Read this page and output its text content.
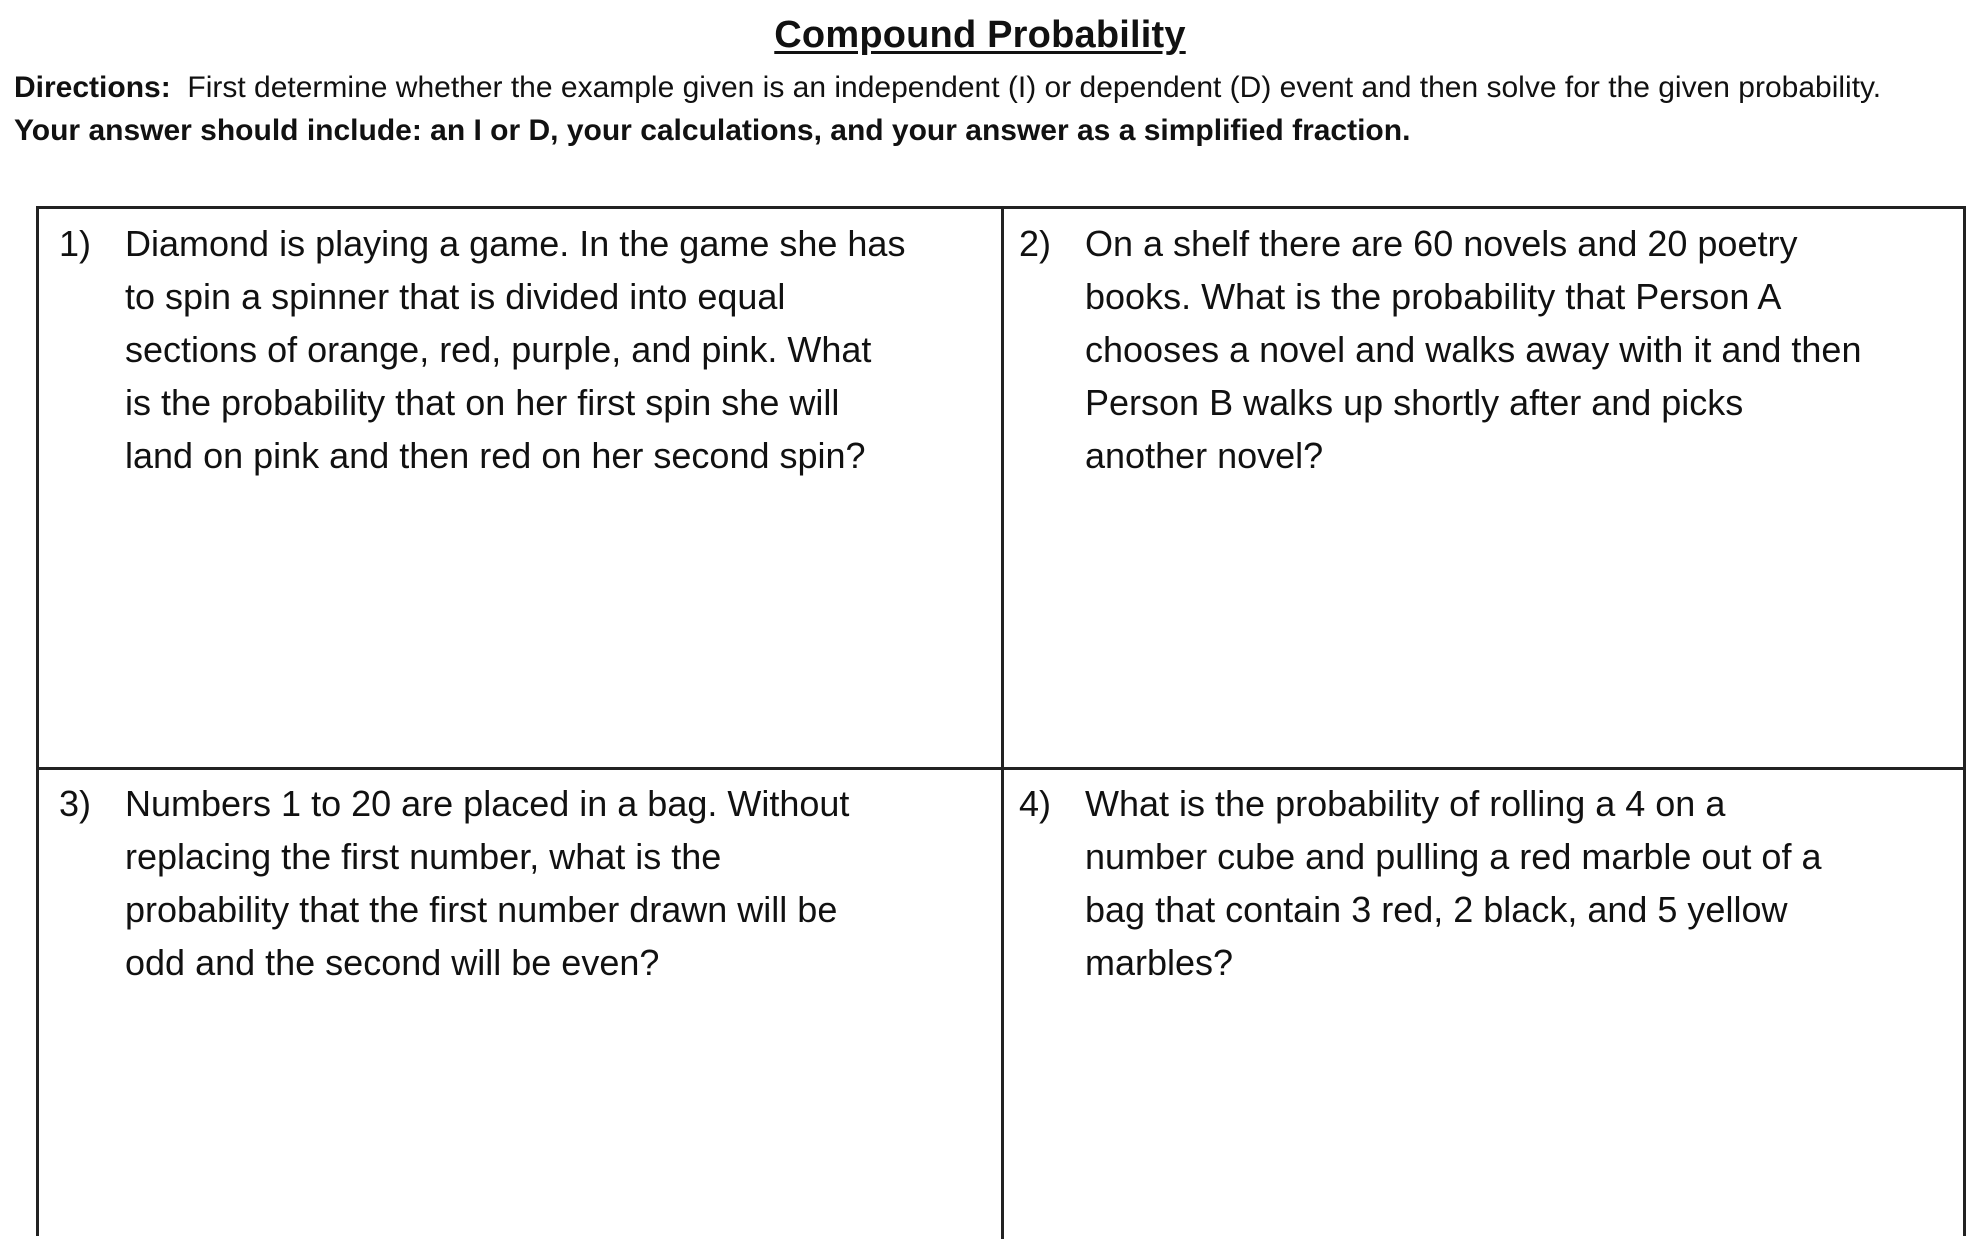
Compound Probability
Directions: First determine whether the example given is an independent (I) or dependent (D) event and then solve for the given probability.  Your answer should include: an I or D, your calculations, and your answer as a simplified fraction.
1) Diamond is playing a game. In the game she has
to spin a spinner that is divided into equal
sections of orange, red, purple, and pink. What
is the probability that on her first spin she will
land on pink and then red on her second spin?
2) On a shelf there are 60 novels and 20 poetry
books. What is the probability that Person A
chooses a novel and walks away with it and then
Person B walks up shortly after and picks
another novel?
3) Numbers 1 to 20 are placed in a bag. Without
replacing the first number, what is the
probability that the first number drawn will be
odd and the second will be even?
4) What is the probability of rolling a 4 on a
number cube and pulling a red marble out of a
bag that contain 3 red, 2 black, and 5 yellow
marbles?
